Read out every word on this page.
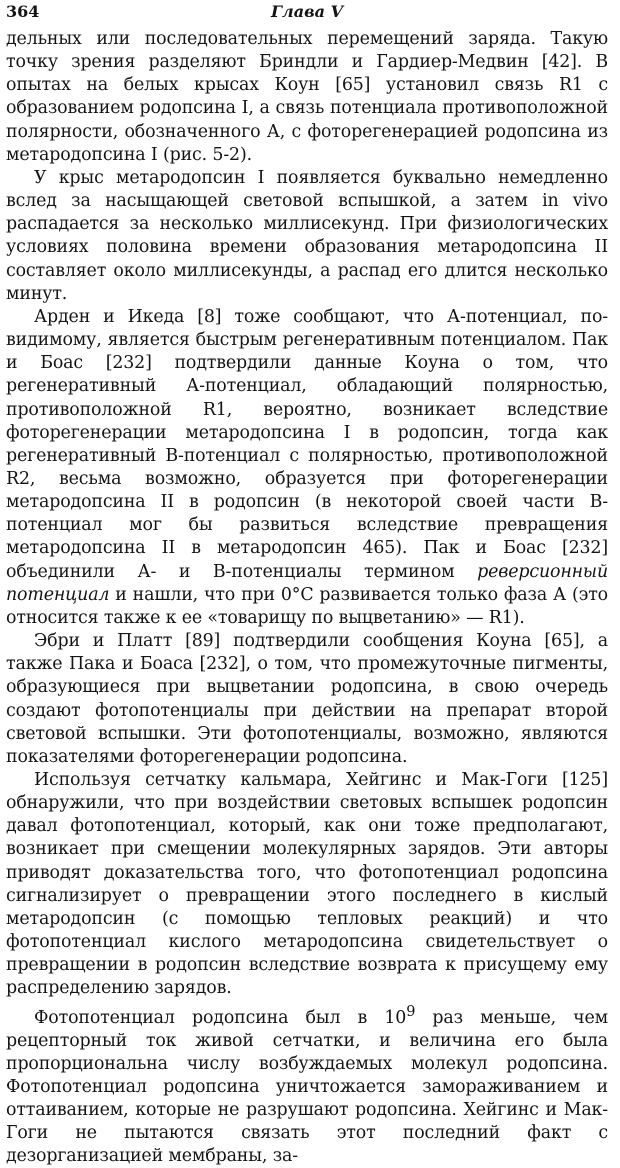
364	Глава V

дельных или последовательных перемещений заряда. Такую точку зрения разделяют Бриндли и Гардиер-Медвин [42]. В опытах на белых крысах Коун [65] установил связь R1 с образованием родопсина I, а связь потенциала противоположной полярности, обозначенного А, с фоторегенерацией родопсина из метародопсина I (рис. 5-2).

У крыс метародопсин I появляется буквально немедленно вслед за насыщающей световой вспышкой, а затем in vivo распадается за несколько миллисекунд. При физиологических условиях половина времени образования метародопсина II составляет около миллисекунды, а распад его длится несколько минут.

Арден и Икеда [8] тоже сообщают, что А-потенциал, по-видимому, является быстрым регенеративным потенциалом. Пак и Боас [232] подтвердили данные Коуна о том, что регенеративный А-потенциал, обладающий полярностью, противоположной R1, вероятно, возникает вследствие фоторегенерации метародопсина I в родопсин, тогда как регенеративный В-потенциал с полярностью, противоположной R2, весьма возможно, образуется при фоторегенерации метародопсина II в родопсин (в некоторой своей части В-потенциал мог бы развиться вследствие превращения метародопсина II в метародопсин 465). Пак и Боас [232] объединили А- и В-потенциалы термином реверсионный потенциал и нашли, что при 0°С развивается только фаза А (это относится также к ее «товарищу по выцветанию» — R1).

Эбри и Платт [89] подтвердили сообщения Коуна [65], а также Пака и Боаса [232], о том, что промежуточные пигменты, образующиеся при выцветании родопсина, в свою очередь создают фотопотенциалы при действии на препарат второй световой вспышки. Эти фотопотенциалы, возможно, являются показателями фоторегенерации родопсина.

Используя сетчатку кальмара, Хейгинс и Мак-Гоги [125] обнаружили, что при воздействии световых вспышек родопсин давал фотопотенциал, который, как они тоже предполагают, возникает при смещении молекулярных зарядов. Эти авторы приводят доказательства того, что фотопотенциал родопсина сигнализирует о превращении этого последнего в кислый метародопсин (с помощью тепловых реакций) и что фотопотенциал кислого метародопсина свидетельствует о превращении в родопсин вследствие возврата к присущему ему распределению зарядов.

Фотопотенциал родопсина был в $10^9$ раз меньше, чем рецепторный ток живой сетчатки, и величина его была пропорциональна числу возбуждаемых молекул родопсина. Фотопотенциал родопсина уничтожается замораживанием и оттаиванием, которые не разрушают родопсина. Хейгинс и Мак-Гоги не пытаются связать этот последний факт с дезорганизацией мембраны, за-
